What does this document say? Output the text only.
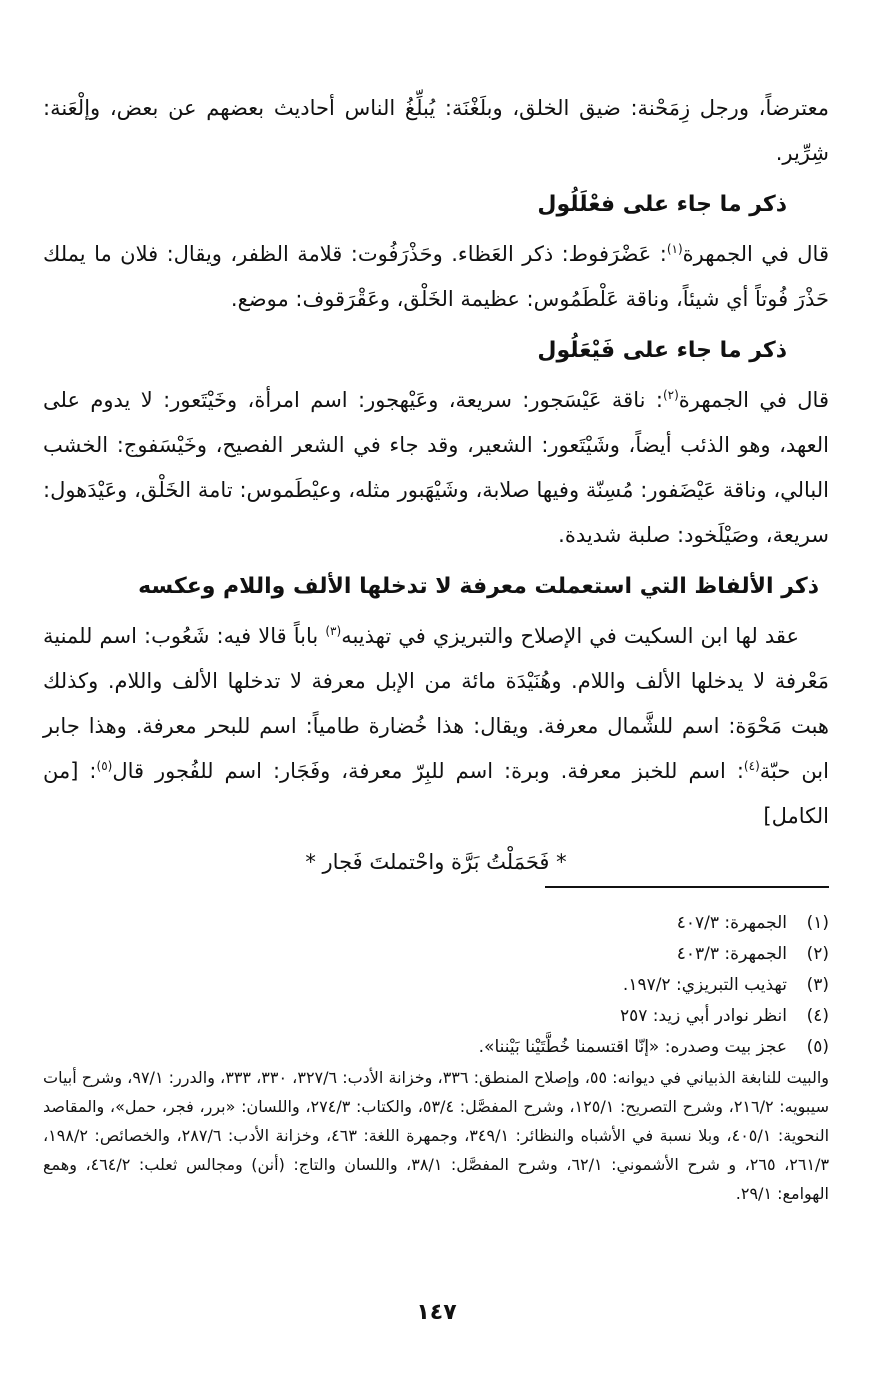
معترضاً، ورجل زِمَحْنة: ضيق الخلق، وبلَغْنَة: يُبلِّغُ الناس أحاديث بعضهم عن بعض، وإلْعَنة: شِرِّير.

ذكر ما جاء على فعْلَلُول

قال في الجمهرة$^{(١)}$: عَضْرَفوط: ذكر العَظاء. وحَذْرَفُوت: قلامة الظفر، ويقال: فلان ما يملك حَذْرَ فُوتاً أي شيئاً، وناقة عَلْطَمُوس: عظيمة الخَلْق، وعَقْرَقوف: موضع.

ذكر ما جاء على فَيْعَلُول

قال في الجمهرة$^{(٢)}$: ناقة عَيْسَجور: سريعة، وعَيْهجور: اسم امرأة، وخَيْتَعور: لا يدوم على العهد، وهو الذئب أيضاً، وشَيْتَعور: الشعير، وقد جاء في الشعر الفصيح، وخَيْسَفوج: الخشب البالي، وناقة عَيْضَفور: مُسِنّة وفيها صلابة، وشَيْهَبور مثله، وعيْطَموس: تامة الخَلْق، وعَيْدَهول: سريعة، وصَيْلَخود: صلبة شديدة.

ذكر الألفاظ التي استعملت معرفة لا تدخلها الألف واللام وعكسه

عقد لها ابن السكيت في الإصلاح والتبريزي في تهذيبه$^{(٣)}$ باباً قالا فيه: شَعُوب: اسم للمنية مَعْرفة لا يدخلها الألف واللام. وهُنَيْدَة مائة من الإبل معرفة لا تدخلها الألف واللام. وكذلك هبت مَحْوَة: اسم للشَّمال معرفة. ويقال: هذا خُضارة طامياً: اسم للبحر معرفة. وهذا جابر ابن حبّة$^{(٤)}$: اسم للخبز معرفة. وبرة: اسم للبِرّ معرفة، وفَجَار: اسم للفُجور قال$^{(٥)}$: [من الكامل]

* فَحَمَلْتُ بَرَّة واحْتملتَ فَجار *

(١)الجمهرة: ٤٠٧/٣

(٢)الجمهرة: ٤٠٣/٣

(٣)تهذيب التبريزي: ١٩٧/٢.

(٤)انظر نوادر أبي زيد: ٢٥٧

(٥)عجز بيت وصدره: «إنّا اقتسمنا خُطَّتَيْنا بَيْننا».

والبيت للنابغة الذبياني في ديوانه: ٥٥، وإصلاح المنطق: ٣٣٦، وخزانة الأدب: ٣٢٧/٦، ٣٣٠، ٣٣٣، والدرر: ٩٧/١، وشرح أبيات سيبويه: ٢١٦/٢، وشرح التصريح: ١٢٥/١، وشرح المفصَّل: ٥٣/٤، والكتاب: ٢٧٤/٣، واللسان: «برر، فجر، حمل»، والمقاصد النحوية: ٤٠٥/١، وبلا نسبة في الأشباه والنظائر: ٣٤٩/١، وجمهرة اللغة: ٤٦٣، وخزانة الأدب: ٢٨٧/٦، والخصائص: ١٩٨/٢، ٢٦١/٣، ٢٦٥، و شرح الأشموني: ٦٢/١، وشرح المفصَّل: ٣٨/١، واللسان والتاج: (أنن) ومجالس ثعلب: ٤٦٤/٢، وهمع الهوامع: ٢٩/١.

١٤٧
